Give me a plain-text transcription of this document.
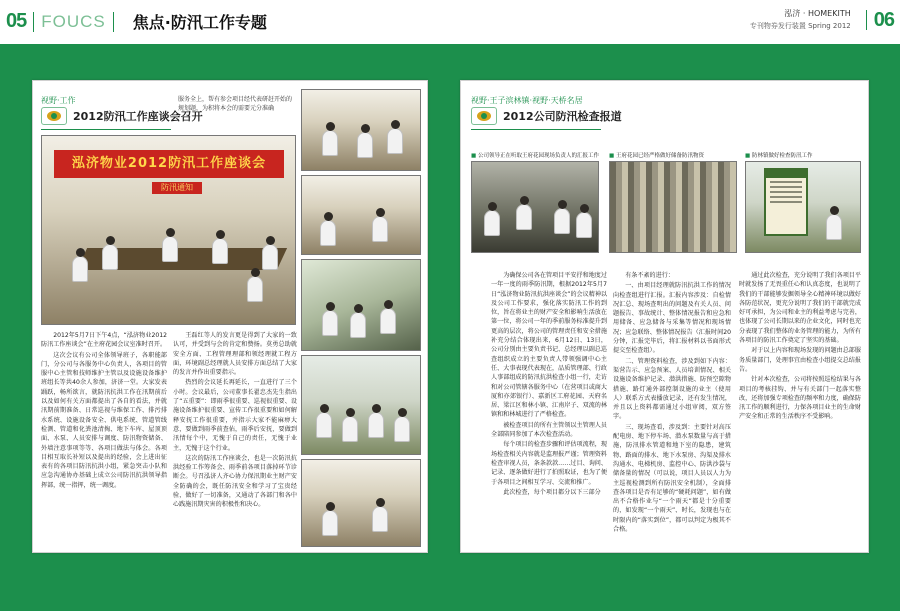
05 FOUCS 焦点·防汛工作专题	泓济 · HOMEKITH
专刊物券发行装置 Spring 2012 06
视野·工作
2012防汛工作座谈会召开
服务全上，帮有参会项目经代表研赶开始的规划题，为积将本会的需要元分准确
泓济物业2012防汛工作座谈会
防汛通知

2012年5月7日下午4点，“泓济物业2012防汛工作座谈会”在主府花园会议室准时召开。

这次会议有公司全体领导班子，各职能部门，分公司与各服务中心负责人，各项目的管服中心主管和技师维护主管以及设施设备维护班组长等共40余人参加，济济一堂。大家发表踊跃，畅所欲言，就防汛抗洪工作在汛期前后以及如何有关方面都提出了各自的看法，并就汛期前期准备、日常巡视与维保工作、排污排水系统、设施设备安全、供电系统、管道管线检测、管道和化粪池清掏、地下车库、屋顶顶面、水泵、人员安排与调度、防汛物资储备、外墙注意事项等等、各项目做法与体会。各项目相互取长补短以及提出的经验，会上进出征表有的各项目防汛抗洪小组，紧急突击小队和应急沟通协办基础上成立公司防汛抗洪领导指挥部，统一指挥，统一调度。

王磊红等人的发言更是得到了大家的一致认可，并受到与会的肯定和赞扬。莫勇总助就安全方面、工程管理理部和领经理就工程方面，环境副总经理就人员安排方面总结了大家的发言并作出重要指示。

热烈的会议延长再延长，一直进行了三个小时。会议最后，公司董事长翟忠杰先生指出了“五重要”：即雨季很重要、巡视很重要、设施设备维护很重要、宣传工作很重要和如何解释安抚工作很重要，并指示大家不能麻痹大意，要做到雨季前查佑，雨季后安抚，要做到汛情每个中，无愧于自己的责任，无愧于业主，无愧于这个行业。

这次的防汛工作座谈会，也是一次防汛抗洪经验工作筹备会、雨季前各项目落掉环节诊断会。号召泓济人齐心协力保汛期业主财产安全防确的会，既任防汛安全和学习了宝贵经验，做好了一切准备，又通动了各部门和各中心践施汛期灾害的积极性和决心。

视野·王子滨林镇·视野·天桥名居
2012公司防汛检查报道
■ 公司领导正在听取王府花园现场负责人的汇报工作	■ 王府花园已经严格做好储备防汛物资	■ 防林镇做好检查防汛工作

为确保公司各在管项目平安抒和地度过一年一度的雨季防汛期，根据2012年5月7日“泓济物业防汛抗洪座谈会”的会议精神以及公司工作要求，强化落实防汛工作的到位，旨在将业主的财产安全和影响生活放在第一位，将公司一年的季前服务标准提升到更高的层次，将公司的管理责任和安全措施补充分结合体现出来，6月12日、13日，公司分别由主要负责书记、总经理以副总巡查组织成立的主要负责人带领强调中心主任、大事表现代表现在，品质管理部、行政人事部组成的防汛抗洪检查小组一行，走访和对公司管辖各服务中心（在营项目或商大厦和亦郊银行）、嘉新区工府花园、天府名居、梁江区和林小镇、江南岸子、双流的林镇和和林城进行了严格检查。

被检查项目的所有主管领以主管理人员全部陪同参加了本次检查活动。

每个项目的检查步骤和评估项流程，现场检查相关内容就是监理报严谨；管理资料检查审视人员，条条款款……过目、询问、记录、逐条做好进行了拍照取证，也为了便于各项目之间相互学习、交流和推广。

此次检查，每个项目都分以下三部分

有条不紊的进行：

一、由项目经理就防汛抗洪工作的情况向检查组进行汇报。汇报内容涉及：自检情况汇总、现场查明出的问题及有关人员、问题报告、事故统计、整体情况报告和应急和用储备、应急储备与采集等情况和现场情况；应急联络、整体情况报告（汇报时间20分钟，汇报完毕后，将汇报材料以书面形式提交至检查组）。

二、管理资料检查，涉及到如下内容：渠营告示、应急预案、人员培训情况、相关设施设备维护记录、潜洪措施、防预空隙物措施、路灯通外部控制设施的业主（使用人）联系方式表播放记录，还有发生情况，并且以上资料都需通过小组审阅，双方签字。

三、现场查看，涉及到：主要针对高压配电房、地下停车场、潜水泵数量与高于措施，防汛排水管道和地下室的隐患，建筑物、路面的排水、地下水泵房、沟渠及排水沟通水、电梯机房、监控中心、防洪沙袋与储备量的情况（可以说，项目人员以人力为主巡视检测到所有防汛安全机制），全面排查各项目是否有足够的“硬耗问题”，如有做出不合格作业与“一个雨天”都是十分重要的，如发现“一个雨天”、时长，发现也与在时限内的“落实到位”，都可以判定为极其不合格。

通过此次检查，充分说明了我们各项目平时就发扬了无畏重任心和认真态度，也说明了我们的干部能够发掘领导全心精神环境以做好各防范状况，更充分说明了我们的干部就完成好可承担，为公司和业主的利益考虑与完善，也体现了公司长期以来的企业文化，同时也充分表现了我们整体的业务管理的能力，为所有各项目的防汛工作奠定了坚实的基础。

对于以上内容和现场发现的问题由总部服务质量部门，处理事宜由检查小组提交总结报告。

针对本次检查，公司将按照巡检结果与各项目的考核挂钩、并与有关部门一起落实整改，还将加强专项检查的频率和力度，确保防汛工作的顺利进行，力保各项目业主的生命财产安全和正常的生活秩序不受影响。
